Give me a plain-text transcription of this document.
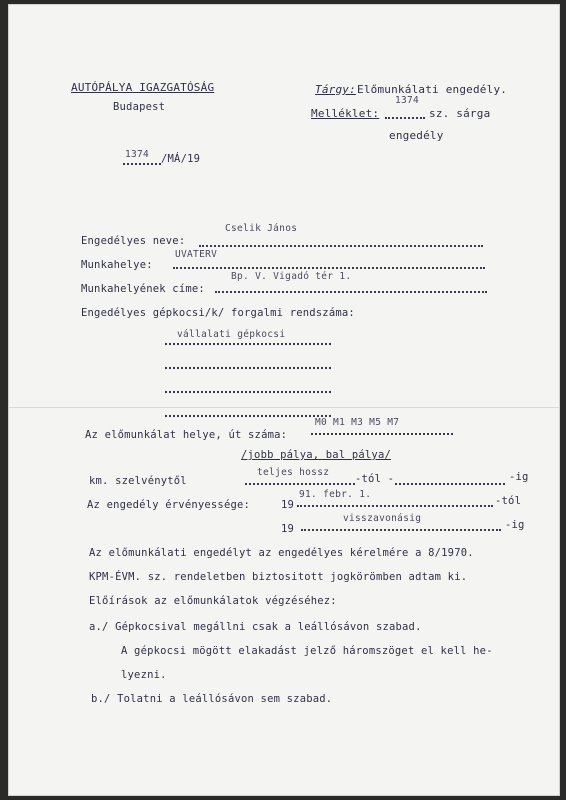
AUTÓPÁLYA IGAZGATÓSÁG
Budapest
1374 /MÁ/19
Tárgy: Előmunkálati engedély.
Melléklet:
1374
sz. sárga
engedély
Engedélyes neve:
Cselik János
Munkahelye:
UVATERV
Munkahelyének címe:
Bp. V. Vigadó tér 1.
Engedélyes gépkocsi/k/ forgalmi rendszáma:
vállalati gépkocsi
Az előmunkálat helye, út száma:
M0 M1 M3 M5 M7
/jobb pálya, bal pálya/
km. szelvénytől
teljes hossz
-tól -	-ig
Az engedély érvényessége:	19
91. febr. 1.
-tól
19
visszavonásig
-ig
Az előmunkálati engedélyt az engedélyes kérelmére a 8/1970.
KPM-ÉVM. sz. rendeletben biztositott jogkörömben adtam ki.
Előírások az előmunkálatok végzéséhez:
a./ Gépkocsival megállni csak a leállósávon szabad.
A gépkocsi mögött elakadást jelző háromszöget el kell he-
lyezni.
b./ Tolatni a leállósávon sem szabad.
